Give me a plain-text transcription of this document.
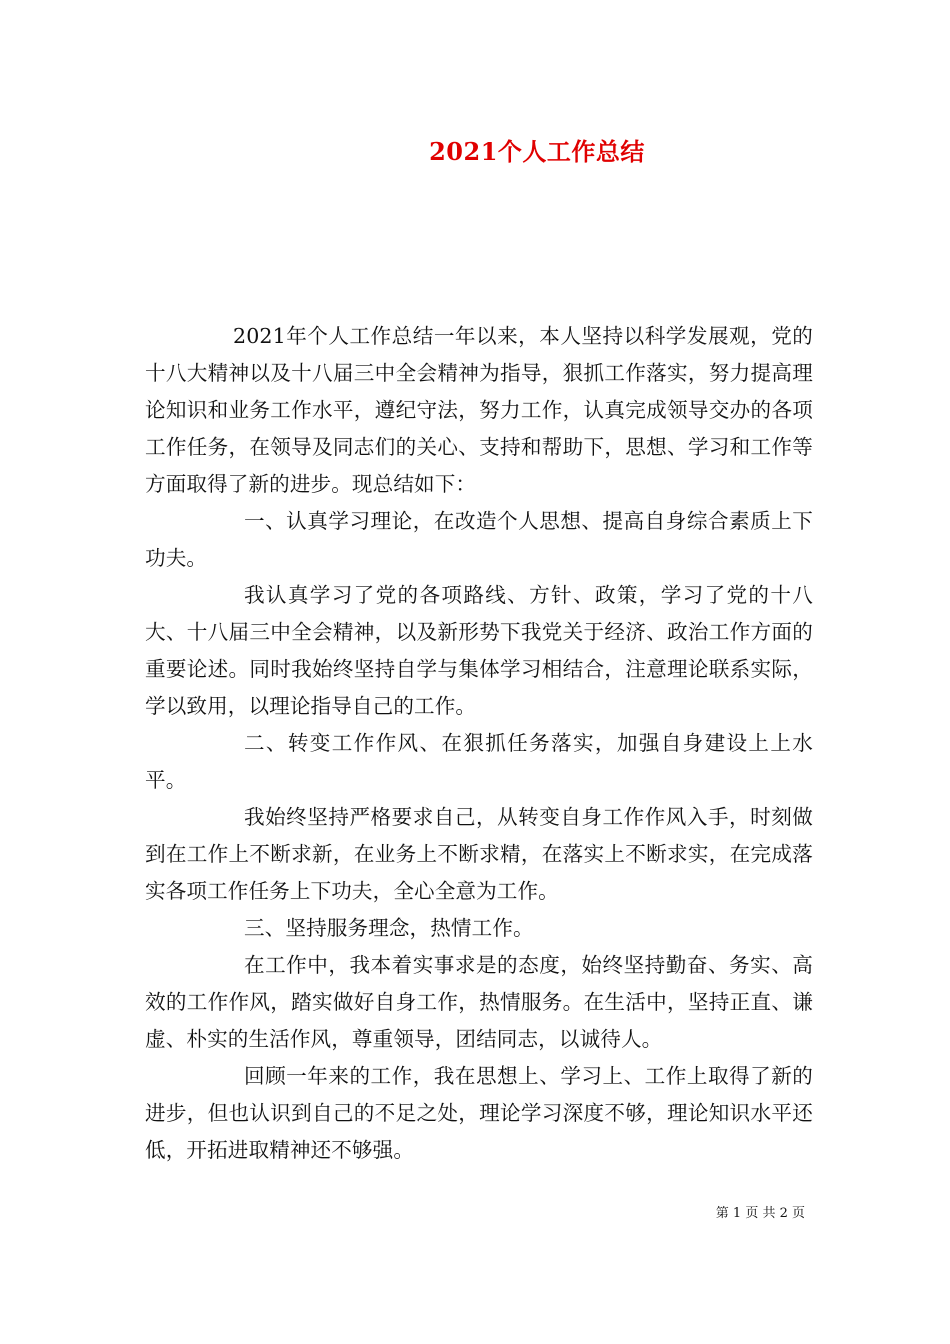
2021个人工作总结

2021年个人工作总结一年以来，本人坚持以科学发展观，党的十八大精神以及十八届三中全会精神为指导，狠抓工作落实，努力提高理论知识和业务工作水平，遵纪守法，努力工作，认真完成领导交办的各项工作任务，在领导及同志们的关心、支持和帮助下，思想、学习和工作等方面取得了新的进步。现总结如下：

一、认真学习理论，在改造个人思想、提高自身综合素质上下功夫。

我认真学习了党的各项路线、方针、政策，学习了党的十八大、十八届三中全会精神，以及新形势下我党关于经济、政治工作方面的重要论述。同时我始终坚持自学与集体学习相结合，注意理论联系实际，学以致用，以理论指导自己的工作。

二、转变工作作风、在狠抓任务落实，加强自身建设上上水平。

我始终坚持严格要求自己，从转变自身工作作风入手，时刻做到在工作上不断求新，在业务上不断求精，在落实上不断求实，在完成落实各项工作任务上下功夫，全心全意为工作。

三、坚持服务理念，热情工作。

在工作中，我本着实事求是的态度，始终坚持勤奋、务实、高效的工作作风，踏实做好自身工作，热情服务。在生活中，坚持正直、谦虚、朴实的生活作风，尊重领导，团结同志，以诚待人。

回顾一年来的工作，我在思想上、学习上、工作上取得了新的进步，但也认识到自己的不足之处，理论学习深度不够，理论知识水平还低，开拓进取精神还不够强。

第 1 页 共 2 页
